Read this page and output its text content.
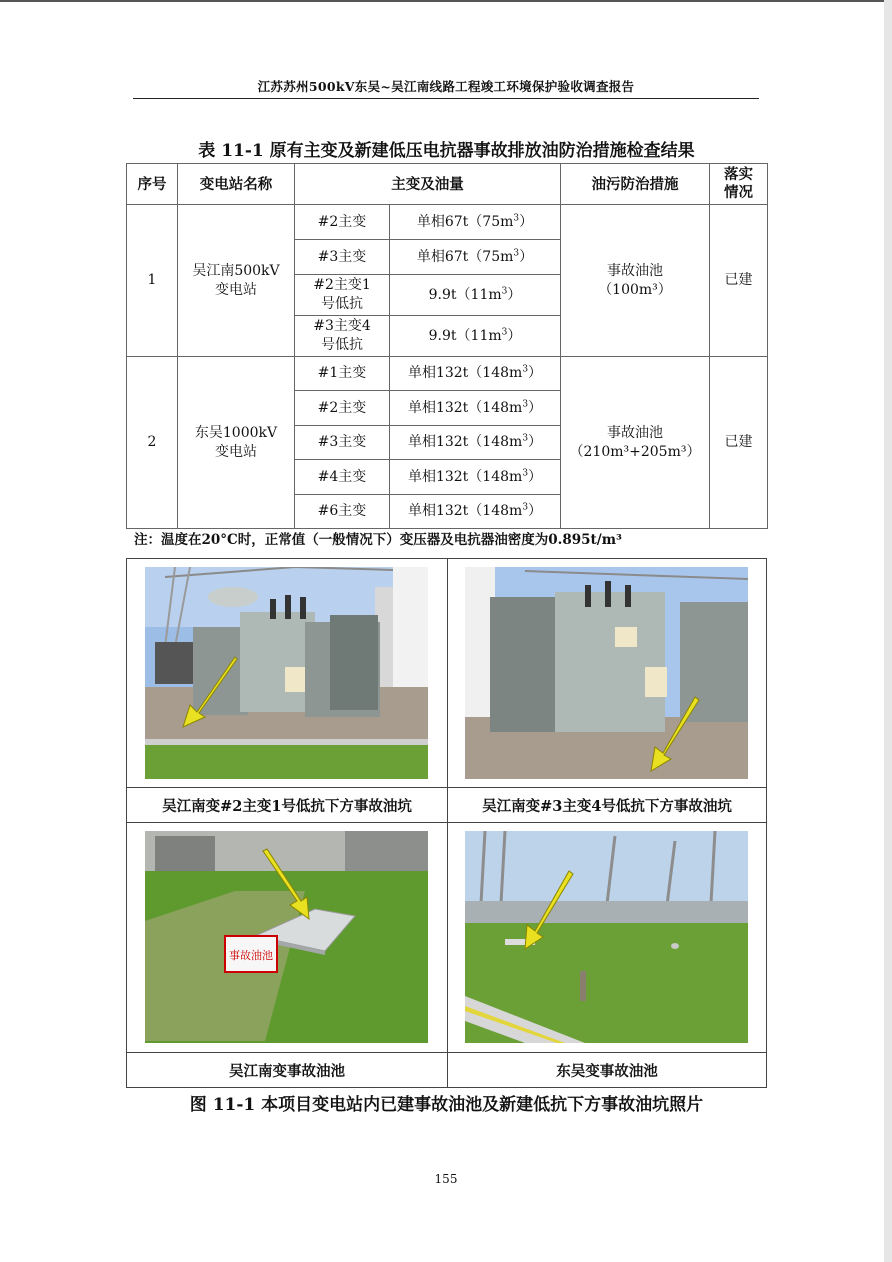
江苏苏州500kV东吴~吴江南线路工程竣工环境保护验收调查报告
表 11-1 原有主变及新建低压电抗器事故排放油防治措施检查结果
序号	变电站名称	主变及油量		油污防治措施	落实情况

1	吴江南500kV变电站	#2主变	单相$67t(75m^3)$	事故油池
（100m³）	已建
		#3主变	单相$67t(75m^3)$		

		#2主变1号低抗	$9.9t(11m^3)$		

		#3主变4号低抗	$9.9t(11m^3)$		
2	东吴1000kV变电站	#1主变	单相$132t(148m^3)$	事故油池
（210m³+205m³）	已建
		#2主变	单相$132t(148m^3)$		
		#3主变	单相$132t(148m^3)$		
		#4主变	单相$132t(148m^3)$		
		#6主变	单相$132t(148m^3)$		
注：温度在20°C时，正常值（一般情况下）变压器及电抗器油密度为0.895t/m³
吴江南变#2主变1号低抗下方事故油坑	吴江南变#3主变4号低抗下方事故油坑
事故油池
吴江南变事故油池	东吴变事故油池
图 11-1 本项目变电站内已建事故油池及新建低抗下方事故油坑照片
155
